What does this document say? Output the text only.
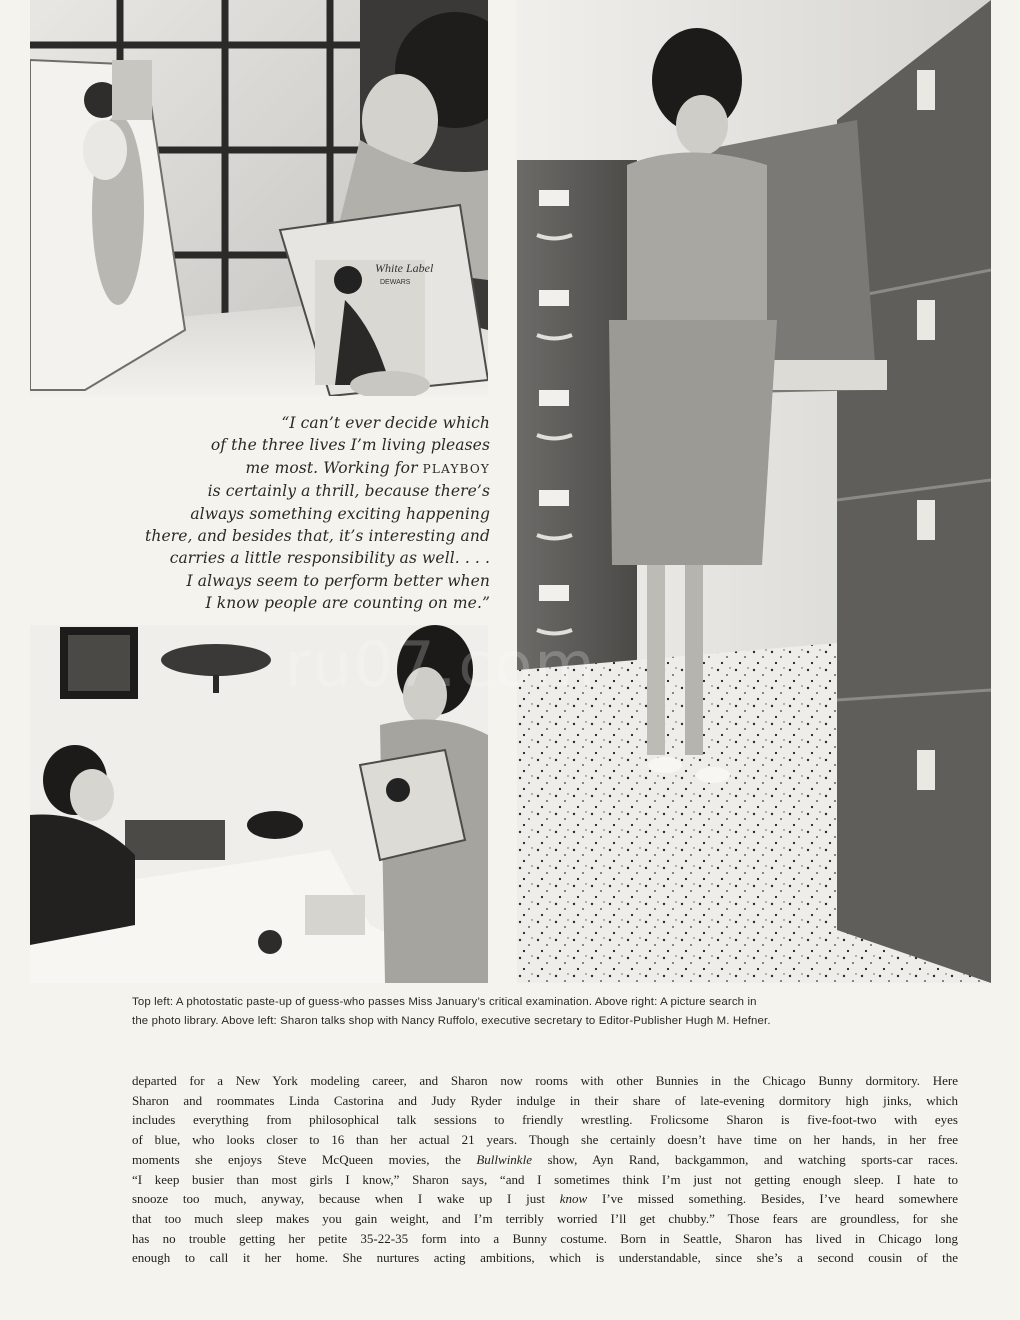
White Label
DEWARS
“I can’t ever decide which
of the three lives I’m living pleases
me most. Working for PLAYBOY
is certainly a thrill, because there’s
always something exciting happening
there, and besides that, it’s interesting and
carries a little responsibility as well. . . .
I always seem to perform better when
I know people are counting on me.”
ru07.com
Top left: A photostatic paste-up of guess-who passes Miss January’s critical examination. Above right: A picture search in
the photo library. Above left: Sharon talks shop with Nancy Ruffolo, executive secretary to Editor-Publisher Hugh M. Hefner.
departed for a New York modeling career, and Sharon now rooms with other Bunnies in the Chicago Bunny dormitory. Here
Sharon and roommates Linda Castorina and Judy Ryder indulge in their share of late-evening dormitory high jinks, which
includes everything from philosophical talk sessions to friendly wrestling. Frolicsome Sharon is five-foot-two with eyes
of blue, who looks closer to 16 than her actual 21 years. Though she certainly doesn’t have time on her hands, in her free
moments she enjoys Steve McQueen movies, the Bullwinkle show, Ayn Rand, backgammon, and watching sports-car races.
“I keep busier than most girls I know,” Sharon says, “and I sometimes think I’m just not getting enough sleep. I hate to
snooze too much, anyway, because when I wake up I just know I’ve missed something. Besides, I’ve heard somewhere
that too much sleep makes you gain weight, and I’m terribly worried I’ll get chubby.” Those fears are groundless, for she
has no trouble getting her petite 35-22-35 form into a Bunny costume. Born in Seattle, Sharon has lived in Chicago long
enough to call it her home. She nurtures acting ambitions, which is understandable, since she’s a second cousin of the
